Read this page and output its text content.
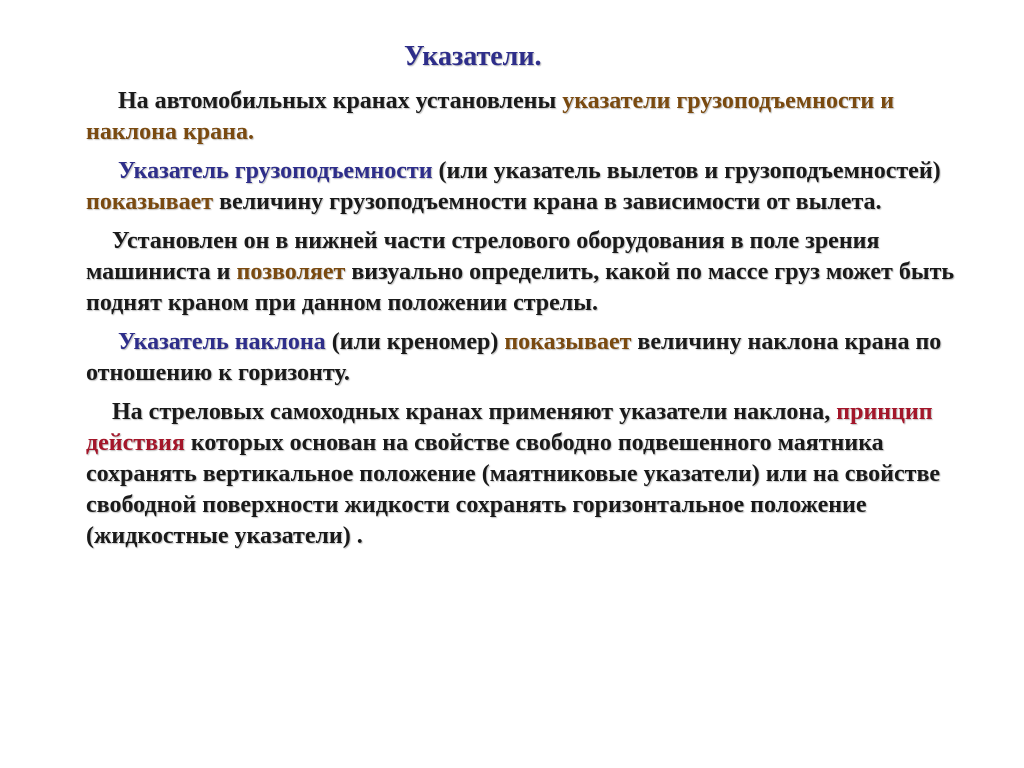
Указатели.

На автомобильных кранах установлены указатели грузоподъемности и наклона крана.

Указатель грузоподъемности (или указатель вылетов и грузоподъемностей) показывает величину грузоподъемности крана в зависимости от вылета.

Установлен он в нижней части стрелового оборудования в поле зрения машиниста и позволяет визуально определить, какой по массе груз может быть поднят краном при данном положении стрелы.

Указатель наклона (или креномер) показывает величину наклона крана по отношению к горизонту.

На стреловых самоходных кранах применяют указатели наклона, принцип действия которых основан на свойстве свободно подвешенного маятника сохранять вертикальное положение (маятниковые указатели) или на свойстве свободной поверхности жидкости сохранять горизонтальное положение (жидкостные указатели) .
